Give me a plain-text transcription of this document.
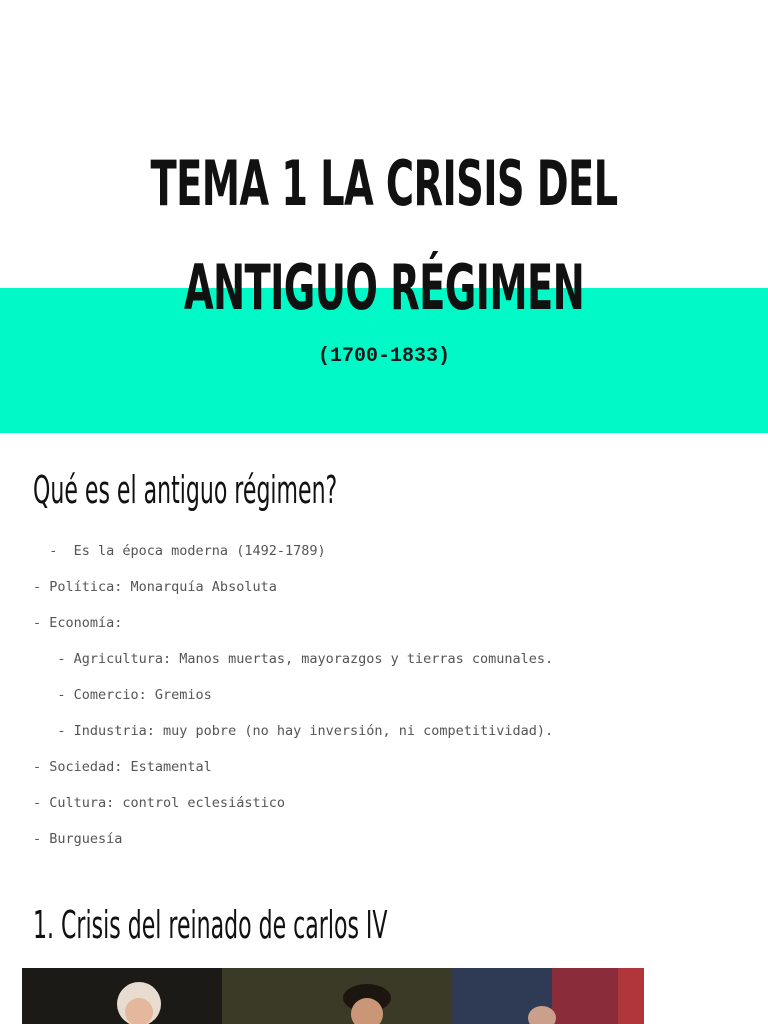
TEMA 1 LA CRISIS DEL
ANTIGUO RÉGIMEN

(1700-1833)

Qué es el antiguo régimen?
-  Es la época moderna (1492-1789)
- Política: Monarquía Absoluta
- Economía:
- Agricultura: Manos muertas, mayorazgos y tierras comunales.
- Comercio: Gremios
- Industria: muy pobre (no hay inversión, ni competitividad).
- Sociedad: Estamental
- Cultura: control eclesiástico
- Burguesía
1. Crisis del reinado de carlos IV
